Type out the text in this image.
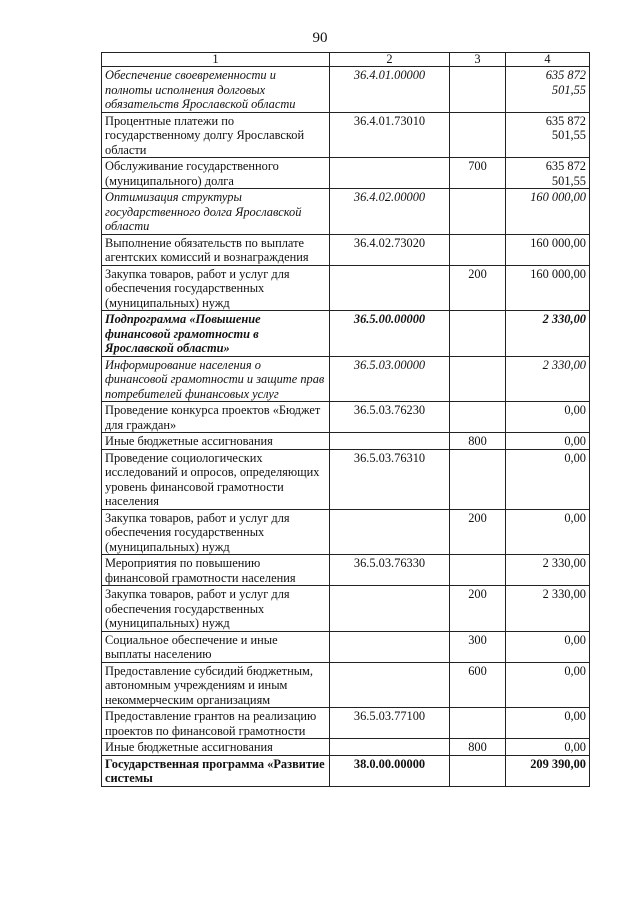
90
1	2	3	4
Обеспечение своевременности и полноты исполнения долговых обязательств Ярославской области	36.4.01.00000		635 872 501,55
Процентные платежи по государственному долгу Ярославской области	36.4.01.73010		635 872 501,55
Обслуживание государственного (муниципального) долга		700	635 872 501,55
Оптимизация структуры государственного долга Ярославской области	36.4.02.00000		160 000,00
Выполнение обязательств по выплате агентских комиссий и вознаграждения	36.4.02.73020		160 000,00
Закупка товаров, работ и услуг для обеспечения государственных (муниципальных) нужд		200	160 000,00
Подпрограмма «Повышение финансовой грамотности в Ярославской области»	36.5.00.00000		2 330,00
Информирование населения о финансовой грамотности и защите прав потребителей финансовых услуг	36.5.03.00000		2 330,00
Проведение конкурса проектов «Бюджет для граждан»	36.5.03.76230		0,00
Иные бюджетные ассигнования		800	0,00
Проведение социологических исследований и опросов, определяющих уровень финансовой грамотности населения	36.5.03.76310		0,00
Закупка товаров, работ и услуг для обеспечения государственных (муниципальных) нужд		200	0,00
Мероприятия по повышению финансовой грамотности населения	36.5.03.76330		2 330,00
Закупка товаров, работ и услуг для обеспечения государственных (муниципальных) нужд		200	2 330,00
Социальное обеспечение и иные выплаты населению		300	0,00
Предоставление субсидий бюджетным, автономным учреждениям и иным некоммерческим организациям		600	0,00
Предоставление грантов на реализацию проектов по финансовой грамотности	36.5.03.77100		0,00
Иные бюджетные ассигнования		800	0,00
Государственная программа «Развитие системы	38.0.00.00000		209 390,00
